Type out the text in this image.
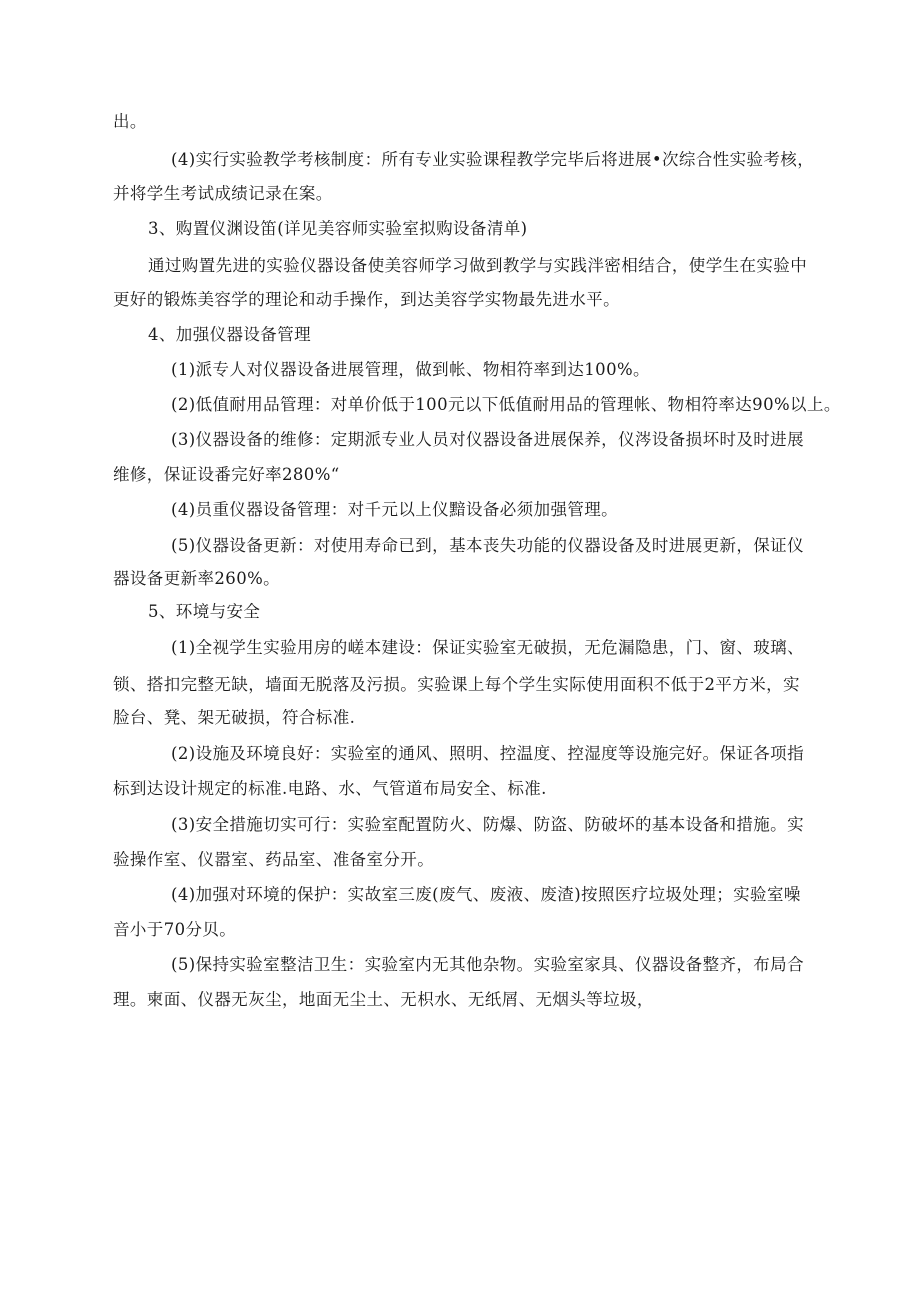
出。
(4)实行实验教学考核制度：所有专业实验课程教学完毕后将进展•次综合性实验考核，
并将学生考试成绩记录在案。
3、购置仪渊设笛(详见美容师实验室拟购设备清单)
通过购置先进的实验仪器设备使美容师学习做到教学与实践泮密相结合，使学生在实验中
更好的锻炼美容学的理论和动手操作，到达美容学实物最先进水平。
4、加强仪器设备管理
(1)派专人对仪器设备进展管理，做到帐、物相符率到达100%。
(2)低值耐用品管理：对单价低于100元以下低值耐用品的管理帐、物相符率达90%以上。
(3)仪器设备的维修：定期派专业人员对仪器设备进展保养，仪涔设备损坏时及时进展
维修，保证设番完好率280%“
(4)员重仪器设备管理：对千元以上仪黯设备必须加强管理。
(5)仪器设备更新：对使用寿命已到，基本丧失功能的仪器设备及时进展更新，保证仪
器设备更新率260%。
5、环境与安全
(1)全视学生实验用房的嵯本建设：保证实验室无破损，无危漏隐患，门、窗、玻璃、
锁、搭扣完整无缺，墙面无脱落及污损。实验课上每个学生实际使用面积不低于2平方米，实
脸台、凳、架无破损，符合标准.
(2)设施及环境良好：实验室的通风、照明、控温度、控湿度等设施完好。保证各项指
标到达设计规定的标准.电路、水、气管道布局安全、标准.
(3)安全措施切实可行：实验室配置防火、防爆、防盗、防破坏的基本设备和措施。实
验操作室、仪嚣室、药品室、准备室分开。
(4)加强对环境的保护：实故室三废(废气、废液、废渣)按照医疗垃圾处理；实验室噪
音小于70分贝。
(5)保持实验室整洁卫生：实验室内无其他杂物。实验室家具、仪器设备整齐，布局合
理。柬面、仪器无灰尘，地面无尘土、无枳水、无纸屑、无烟头等垃圾，
